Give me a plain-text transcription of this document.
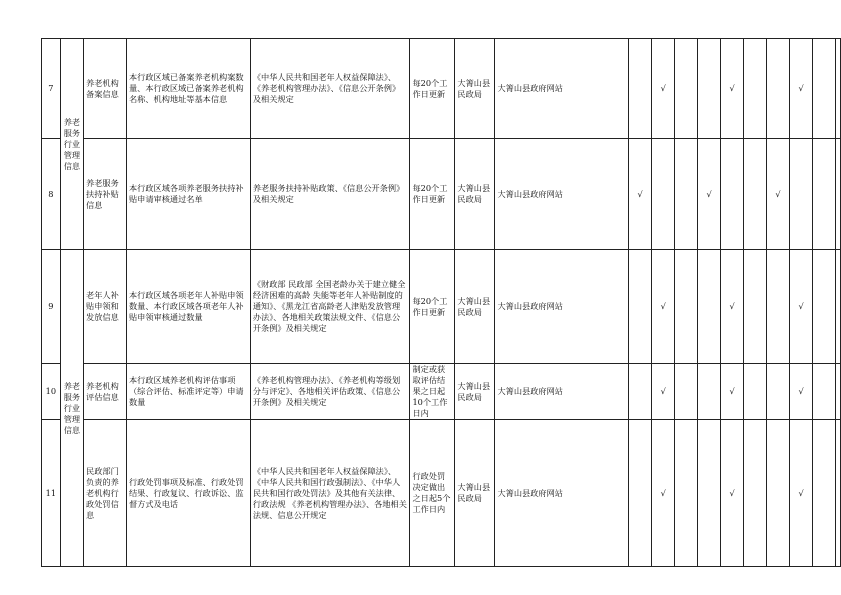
7	养老服务行业管理信息	养老机构备案信息	本行政区域已备案养老机构案数量、本行政区域已备案养老机构名称、机构地址等基本信息	《中华人民共和国老年人权益保障法》、《养老机构管理办法》、《信息公开条例》及相关规定	每20个工作日更新	大箐山县民政局	大箐山县政府网站		√			√			√		
8		养老服务扶持补贴信息	本行政区域各项养老服务扶持补贴申请审核通过名单	养老服务扶持补贴政策、《信息公开条例》及相关规定	每20个工作日更新	大箐山县民政局	大箐山县政府网站	√			√			√			
9	养老服务行业管理信息	老年人补贴申领和发放信息	本行政区域各项老年人补贴申领数量、本行政区域各项老年人补贴申领审核通过数量	《财政部 民政部 全国老龄办关于建立健全经济困难的高龄 失能等老年人补贴制度的通知》、《黑龙江省高龄老人津贴发放管理办法》、各地相关政策法规文件、《信息公开条例》及相关规定	每20个工作日更新	大箐山县民政局	大箐山县政府网站		√			√			√		
10		养老机构评估信息	本行政区域养老机构评估事项（综合评估、标准评定等）申请数量	《养老机构管理办法》、《养老机构等级划分与评定》、各地相关评估政策、《信息公开条例》及相关规定	制定或获取评估结果之日起10个工作日内	大箐山县民政局	大箐山县政府网站		√			√			√		
11		民政部门负责的养老机构行政处罚信息	行政处罚事项及标准、行政处罚结果、行政复议、行政诉讼、监督方式及电话	《中华人民共和国老年人权益保障法》、《中华人民共和国行政强制法》、《中华人民共和国行政处罚法》及其他有关法律、行政法规 《养老机构管理办法》、各地相关法规、信息公开规定	行政处罚决定做出之日起5个工作日内	大箐山县民政局	大箐山县政府网站		√			√			√		
